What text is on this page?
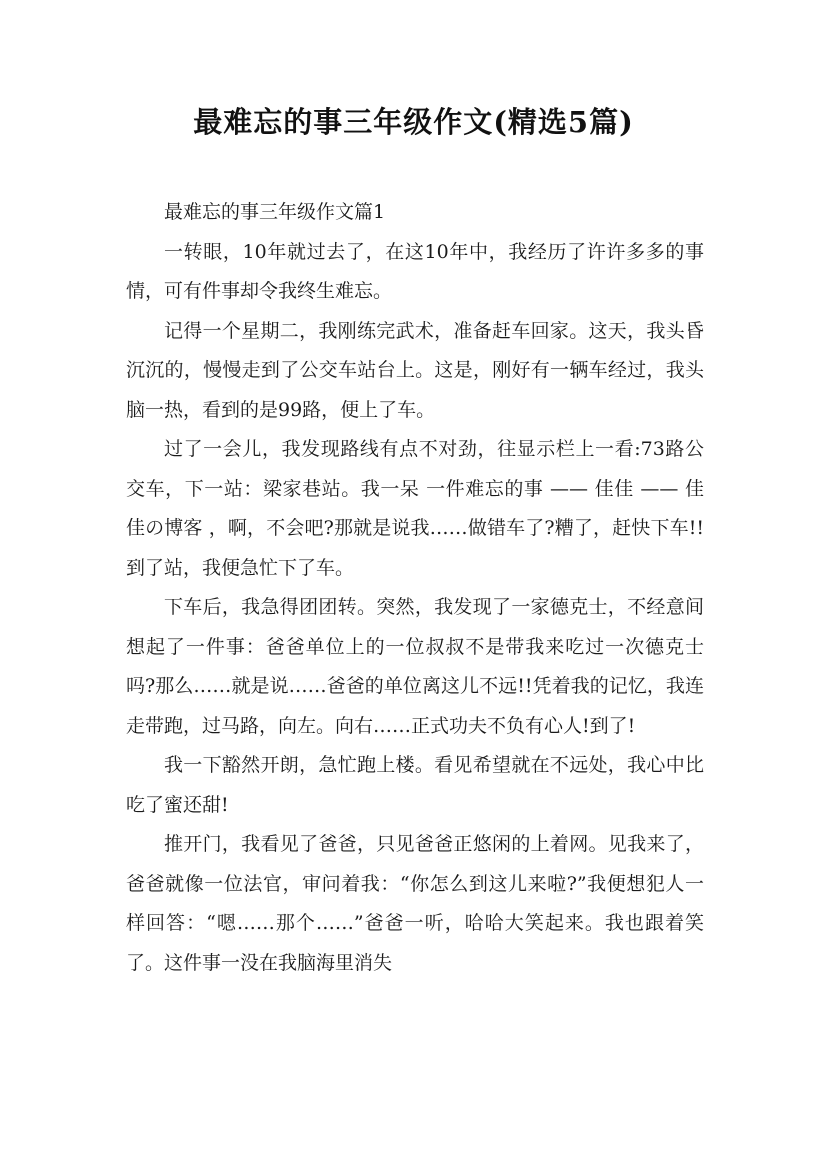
最难忘的事三年级作文(精选5篇)

最难忘的事三年级作文篇1

一转眼，10年就过去了，在这10年中，我经历了许许多多的事情，可有件事却令我终生难忘。

记得一个星期二，我刚练完武术，准备赶车回家。这天，我头昏沉沉的，慢慢走到了公交车站台上。这是，刚好有一辆车经过，我头脑一热，看到的是99路，便上了车。

过了一会儿，我发现路线有点不对劲，往显示栏上一看:73路公交车，下一站：梁家巷站。我一呆 一件难忘的事 —— 佳佳 —— 佳佳の博客 ，啊，不会吧?那就是说我……做错车了?糟了，赶快下车!!到了站，我便急忙下了车。

下车后，我急得团团转。突然，我发现了一家德克士，不经意间想起了一件事：爸爸单位上的一位叔叔不是带我来吃过一次德克士吗?那么……就是说……爸爸的单位离这儿不远!!凭着我的记忆，我连走带跑，过马路，向左。向右……正式功夫不负有心人!到了!

我一下豁然开朗，急忙跑上楼。看见希望就在不远处，我心中比吃了蜜还甜!

推开门，我看见了爸爸，只见爸爸正悠闲的上着网。见我来了，爸爸就像一位法官，审问着我：“你怎么到这儿来啦?”我便想犯人一样回答：“嗯……那个……”爸爸一听，哈哈大笑起来。我也跟着笑了。这件事一没在我脑海里消失
